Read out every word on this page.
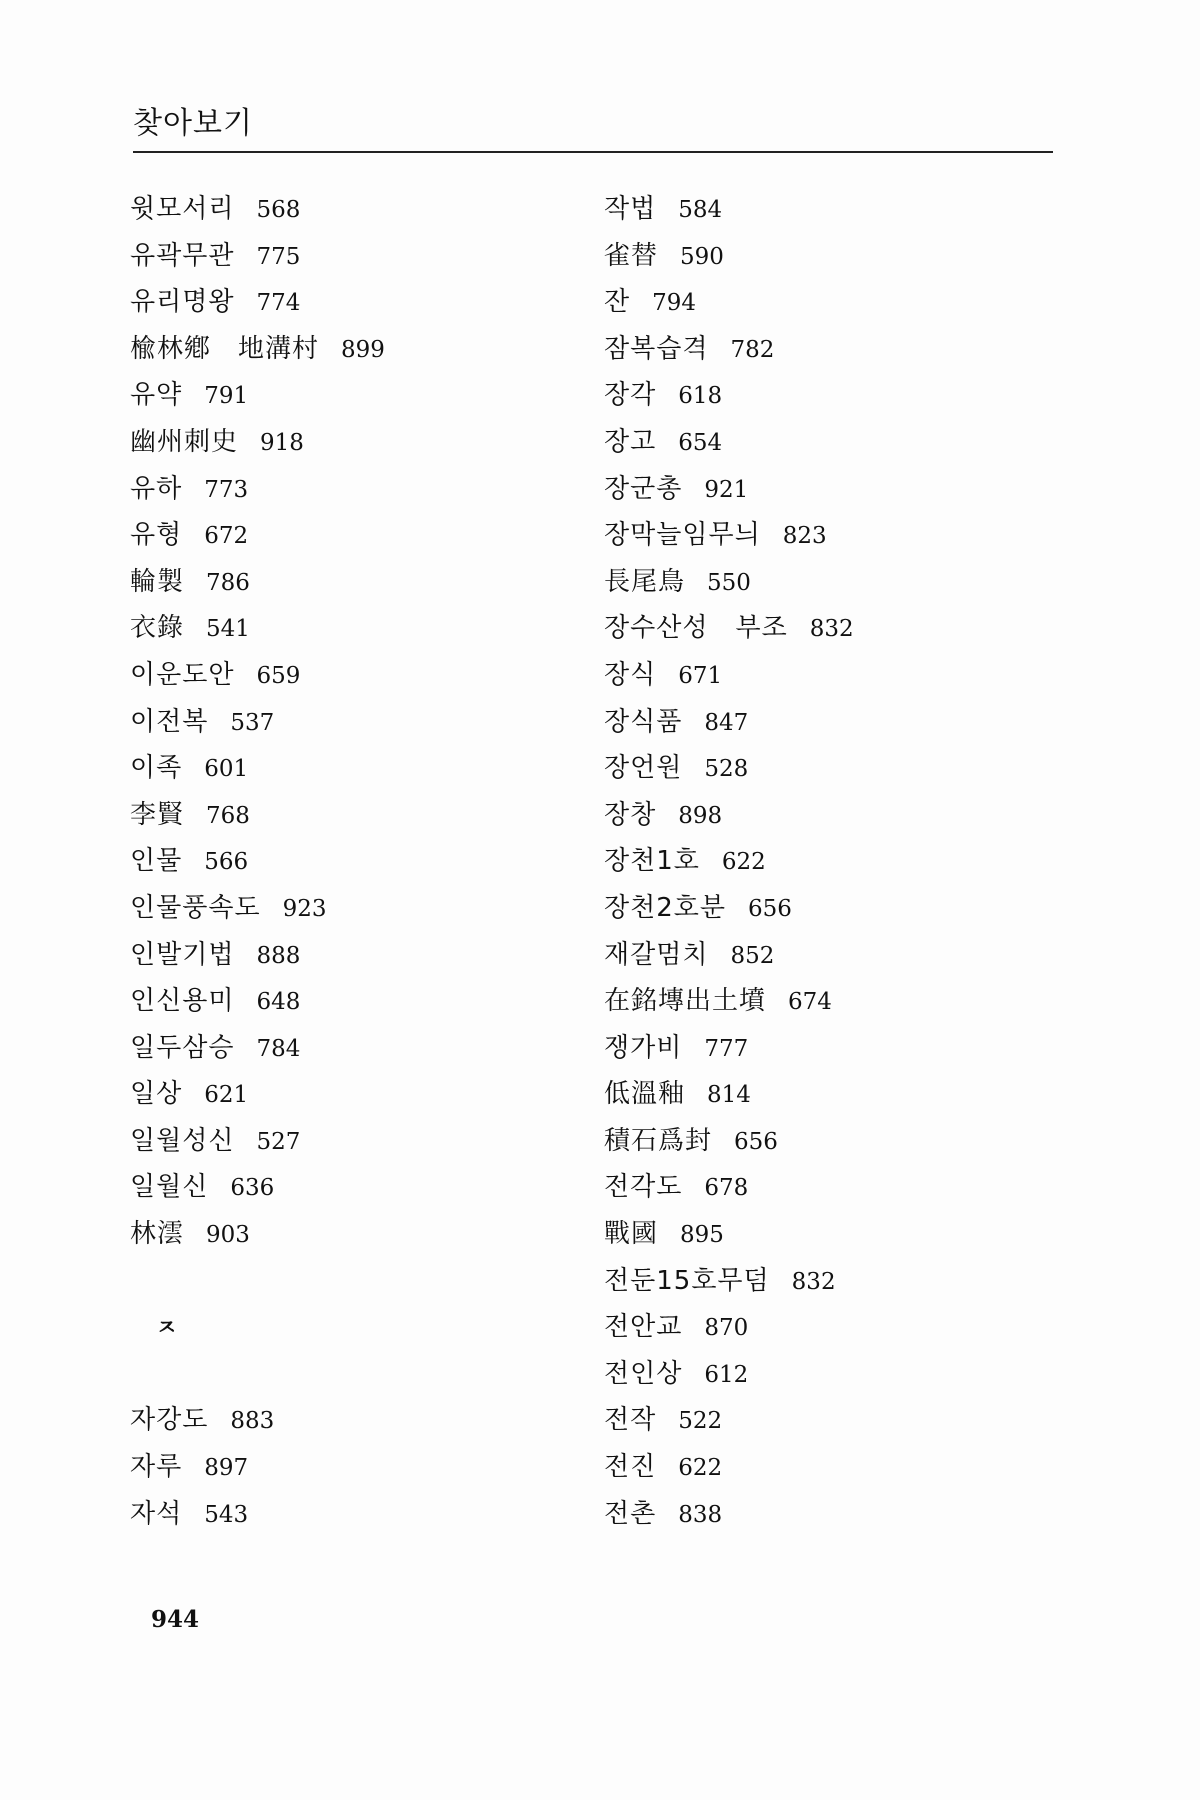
찾아보기
윗모서리 568
유곽무관 775
유리명왕 774
楡林鄕　地溝村 899
유약 791
幽州刺史 918
유하 773
유형 672
輪製 786
衣錄 541
이운도안 659
이전복 537
이족 601
李賢 768
인물 566
인물풍속도 923
인발기법 888
인신용미 648
일두삼승 784
일상 621
일월성신 527
일월신 636
林澐 903
ㅈ
자강도 883
자루 897
자석 543
작법 584
雀替 590
잔 794
잠복습격 782
장각 618
장고 654
장군총 921
장막늘임무늬 823
長尾鳥 550
장수산성　부조 832
장식 671
장식품 847
장언원 528
장창 898
장천1호 622
장천2호분 656
재갈멈치 852
在銘塼出土墳 674
쟁가비 777
低溫釉 814
積石爲封 656
전각도 678
戰國 895
전둔15호무덤 832
전안교 870
전인상 612
전작 522
전진 622
전촌 838
944
